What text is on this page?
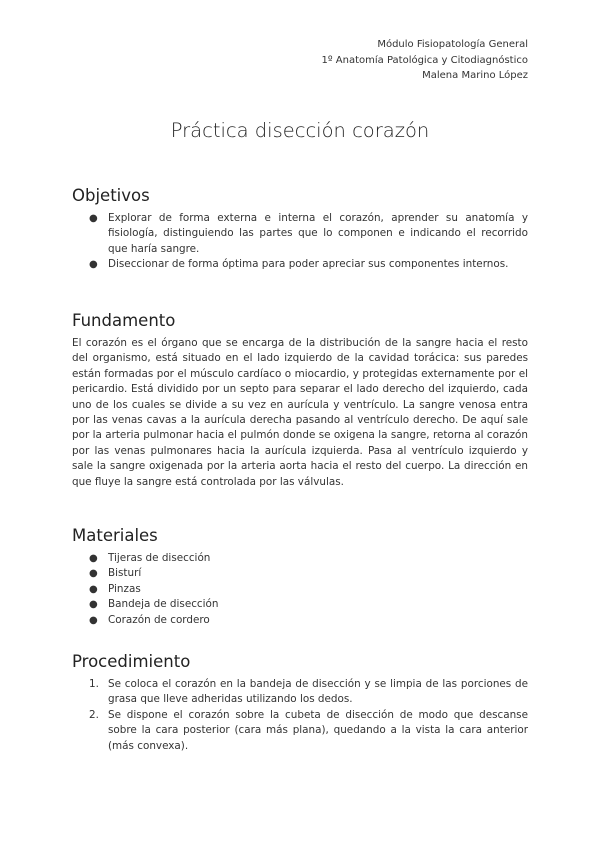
Módulo Fisiopatología General
1º Anatomía Patológica y Citodiagnóstico
Malena Marino López
Práctica disección corazón
Objetivos
● Explorar de forma externa e interna el corazón, aprender su anatomía y fisiología, distinguiendo las partes que lo componen e indicando el recorrido que haría sangre.
● Diseccionar de forma óptima para poder apreciar sus componentes internos.
Fundamento

El corazón es el órgano que se encarga de la distribución de la sangre hacia el resto del organismo, está situado en el lado izquierdo de la cavidad torácica: sus paredes están formadas por el músculo cardíaco o miocardio, y protegidas externamente por el pericardio. Está dividido por un septo para separar el lado derecho del izquierdo, cada uno de los cuales se divide a su vez en aurícula y ventrículo. La sangre venosa entra por las venas cavas a la aurícula derecha pasando al ventrículo derecho. De aquí sale por la arteria pulmonar hacia el pulmón donde se oxigena la sangre, retorna al corazón por las venas pulmonares hacia la aurícula izquierda. Pasa al ventrículo izquierdo y sale la sangre oxigenada por la arteria aorta hacia el resto del cuerpo. La dirección en que fluye la sangre está controlada por las válvulas.

Materiales
● Tijeras de disección
● Bisturí
● Pinzas
● Bandeja de disección
● Corazón de cordero
Procedimiento
1. Se coloca el corazón en la bandeja de disección y se limpia de las porciones de grasa que lleve adheridas utilizando los dedos.
2. Se dispone el corazón sobre la cubeta de disección de modo que descanse sobre la cara posterior (cara más plana), quedando a la vista la cara anterior (más convexa).
